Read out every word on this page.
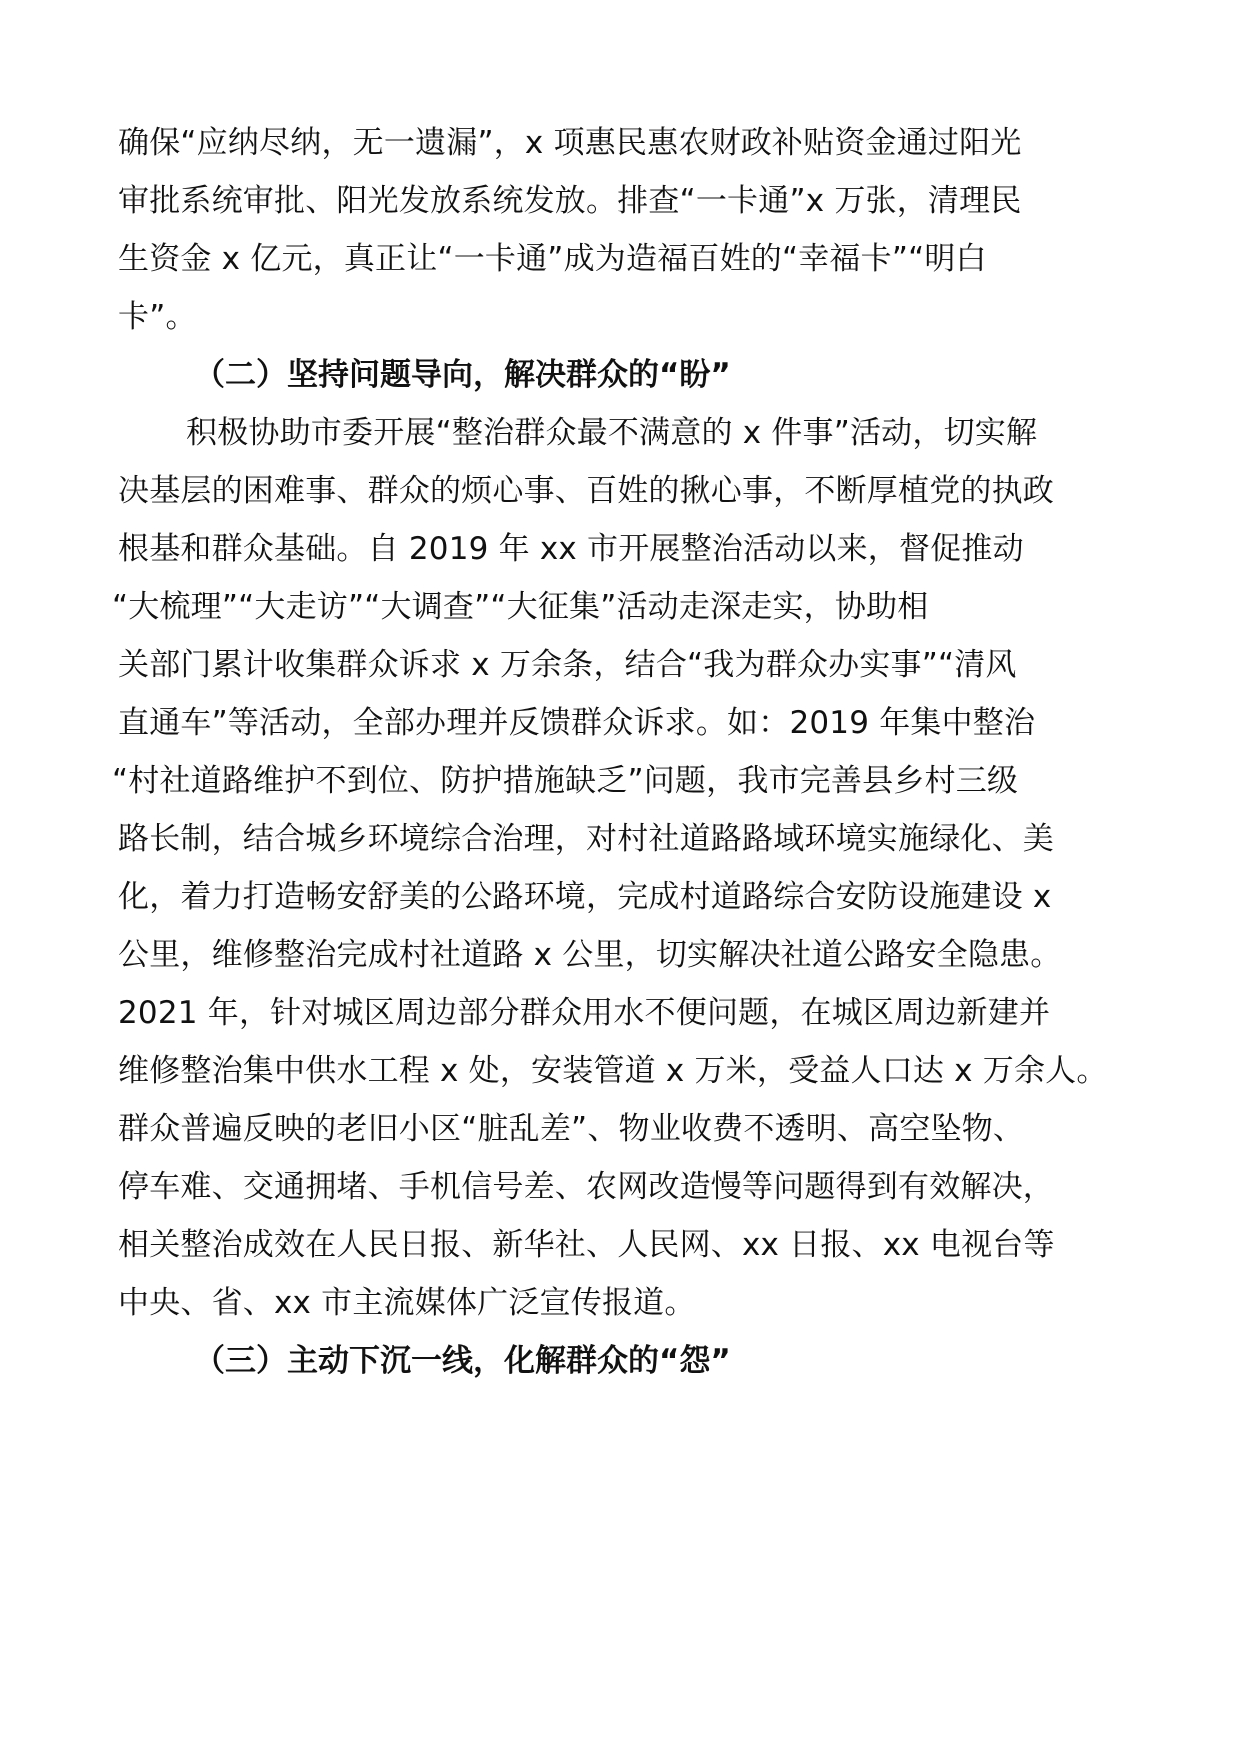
确保“应纳尽纳，无一遗漏”，x 项惠民惠农财政补贴资金通过阳光
审批系统审批、阳光发放系统发放。排查“一卡通”x 万张，清理民
生资金 x 亿元，真正让“一卡通”成为造福百姓的“幸福卡”“明白
卡”。
（二）坚持问题导向，解决群众的“盼”
积极协助市委开展“整治群众最不满意的 x 件事”活动，切实解
决基层的困难事、群众的烦心事、百姓的揪心事，不断厚植党的执政
根基和群众基础。自 2019 年 xx 市开展整治活动以来，督促推动
“大梳理”“大走访”“大调查”“大征集”活动走深走实，协助相
关部门累计收集群众诉求 x 万余条，结合“我为群众办实事”“清风
直通车”等活动，全部办理并反馈群众诉求。如：2019 年集中整治
“村社道路维护不到位、防护措施缺乏”问题，我市完善县乡村三级
路长制，结合城乡环境综合治理，对村社道路路域环境实施绿化、美
化，着力打造畅安舒美的公路环境，完成村道路综合安防设施建设 x
公里，维修整治完成村社道路 x 公里，切实解决社道公路安全隐患。
2021 年，针对城区周边部分群众用水不便问题，在城区周边新建并
维修整治集中供水工程 x 处，安装管道 x 万米，受益人口达 x 万余人。
群众普遍反映的老旧小区“脏乱差”、物业收费不透明、高空坠物、
停车难、交通拥堵、手机信号差、农网改造慢等问题得到有效解决，
相关整治成效在人民日报、新华社、人民网、xx 日报、xx 电视台等
中央、省、xx 市主流媒体广泛宣传报道。
（三）主动下沉一线，化解群众的“怨”
